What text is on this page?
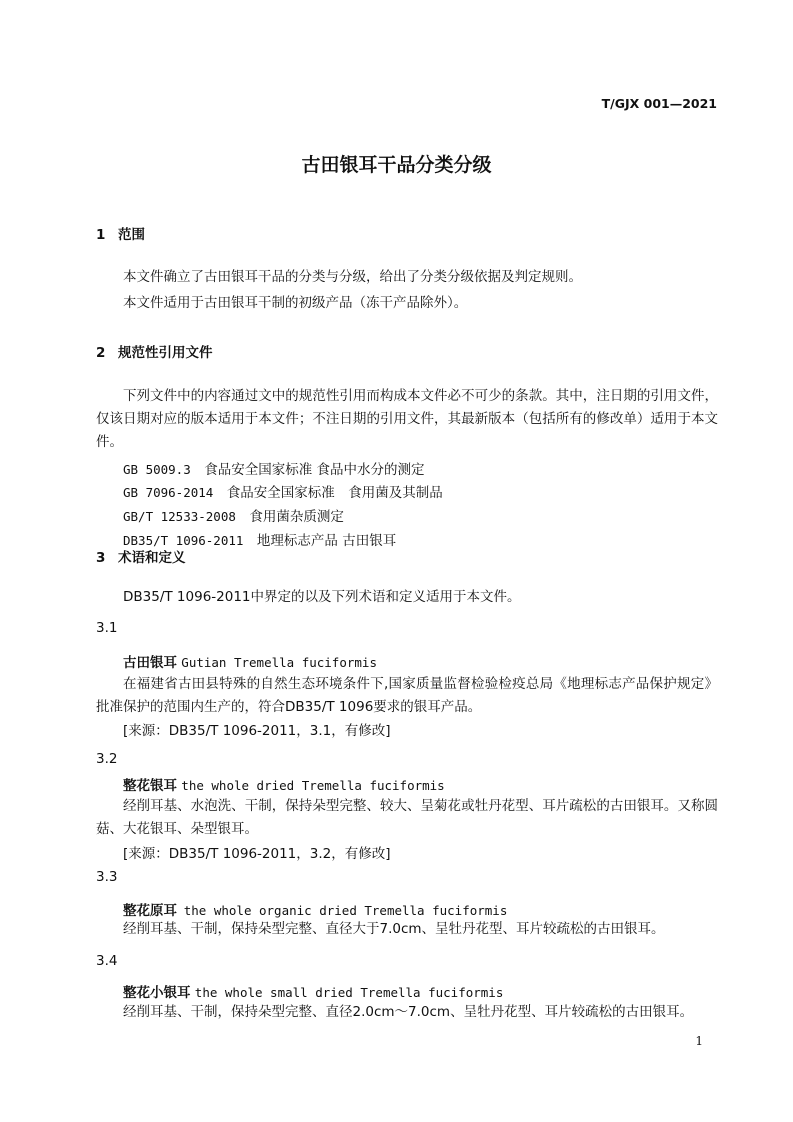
T/GJX 001—2021
古田银耳干品分类分级
1 范围
本文件确立了古田银耳干品的分类与分级，给出了分类分级依据及判定规则。
本文件适用于古田银耳干制的初级产品（冻干产品除外）。
2 规范性引用文件
下列文件中的内容通过文中的规范性引用而构成本文件必不可少的条款。其中，注日期的引用文件，仅该日期对应的版本适用于本文件；不注日期的引用文件，其最新版本（包括所有的修改单）适用于本文件。
GB 5009.3  食品安全国家标准 食品中水分的测定
GB 7096-2014  食品安全国家标准　食用菌及其制品
GB/T 12533-2008  食用菌杂质测定
DB35/T 1096-2011  地理标志产品 古田银耳
3 术语和定义
DB35/T 1096-2011中界定的以及下列术语和定义适用于本文件。
3.1
古田银耳 Gutian Tremella fuciformis
在福建省古田县特殊的自然生态环境条件下,国家质量监督检验检疫总局《地理标志产品保护规定》批准保护的范围内生产的，符合DB35/T 1096要求的银耳产品。
[来源：DB35/T 1096-2011，3.1，有修改]
3.2
整花银耳 the whole dried Tremella fuciformis
经削耳基、水泡洗、干制，保持朵型完整、较大、呈菊花或牡丹花型、耳片疏松的古田银耳。又称圆菇、大花银耳、朵型银耳。
[来源：DB35/T 1096-2011，3.2，有修改]
3.3
整花原耳  the whole organic dried Tremella fuciformis
经削耳基、干制，保持朵型完整、直径大于7.0cm、呈牡丹花型、耳片较疏松的古田银耳。
3.4
整花小银耳 the whole small dried Tremella fuciformis
经削耳基、干制，保持朵型完整、直径2.0cm～7.0cm、呈牡丹花型、耳片较疏松的古田银耳。
1
